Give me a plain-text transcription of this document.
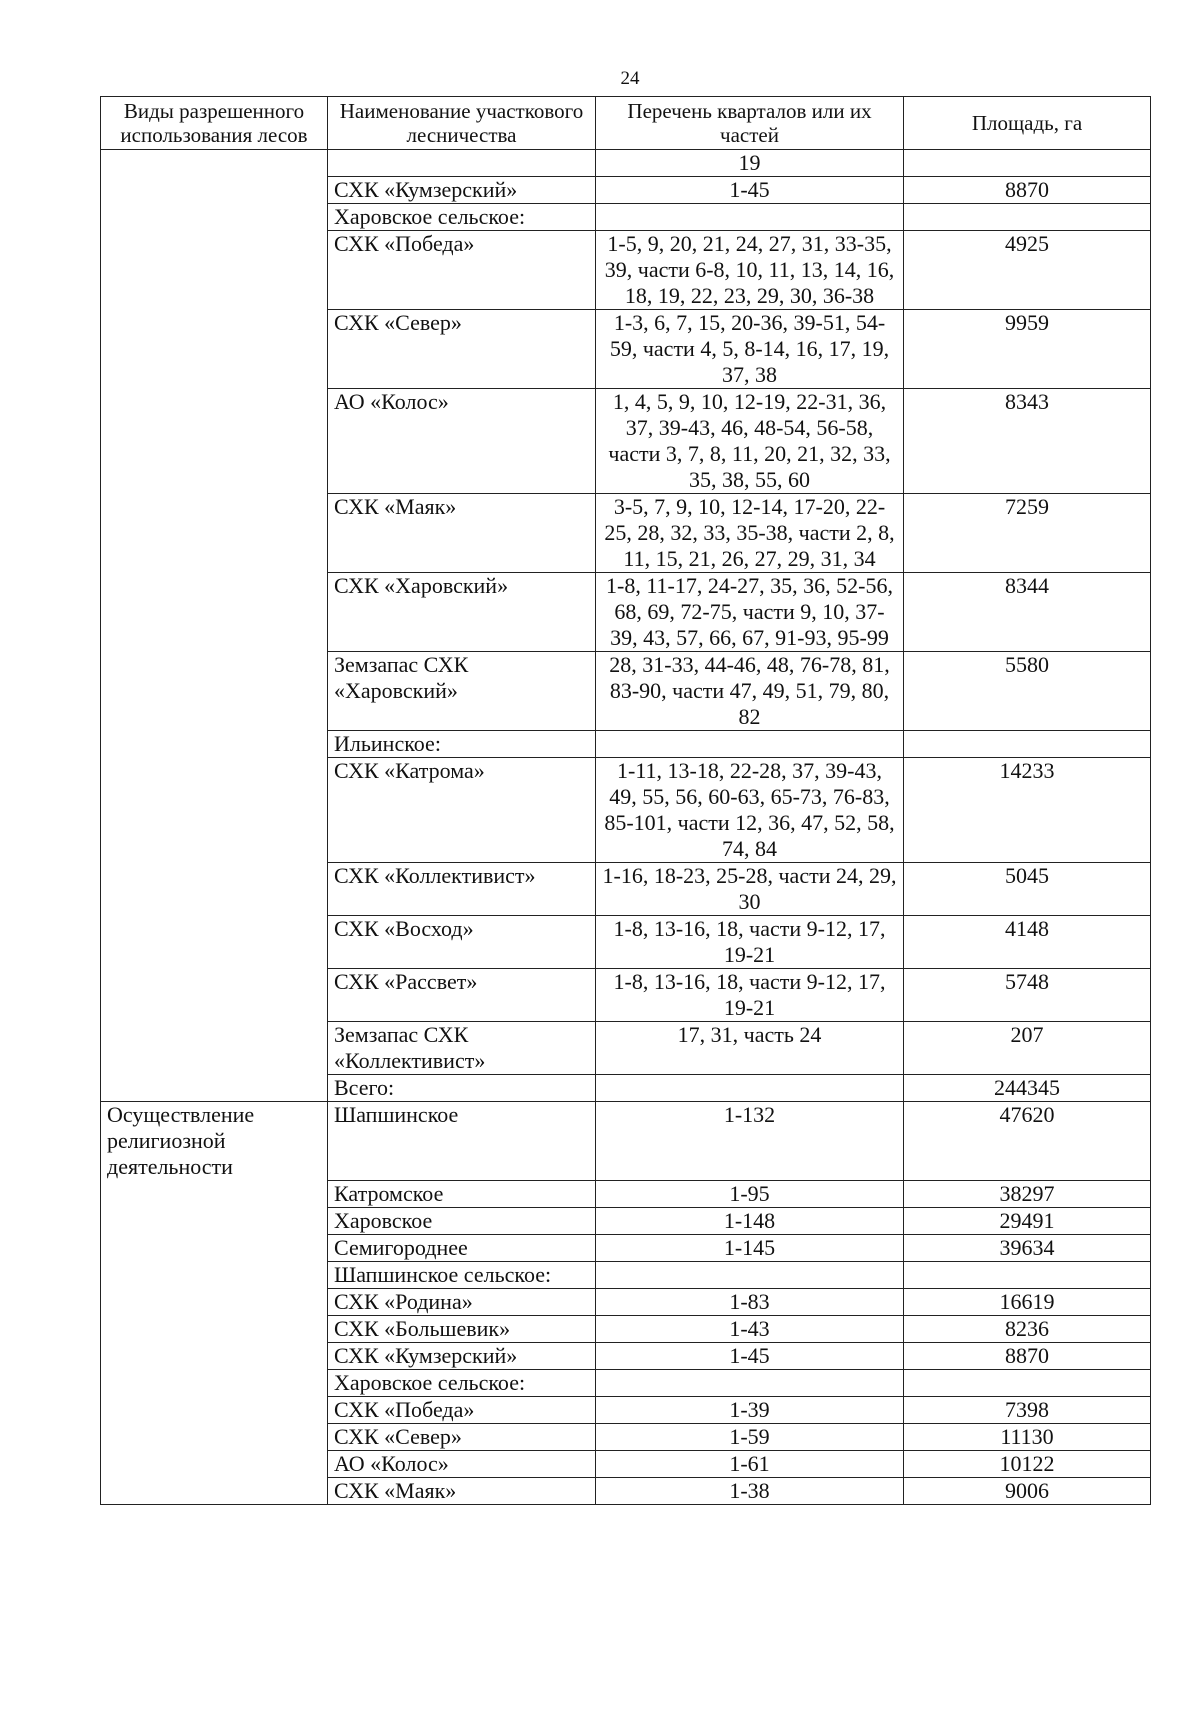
24
Виды разрешенного использования лесов	Наименование участкового лесничества	Перечень кварталов или их частей	Площадь, га
		19	
	СХК «Кумзерский»	1-45	8870
	Харовское сельское:		
	СХК «Победа»	1-5, 9, 20, 21, 24, 27, 31, 33-35, 39, части 6-8, 10, 11, 13, 14, 16, 18, 19, 22, 23, 29, 30, 36-38	4925
	СХК «Север»	1-3, 6, 7, 15, 20-36, 39-51, 54-59, части 4, 5, 8-14, 16, 17, 19, 37, 38	9959
	АО «Колос»	1, 4, 5, 9, 10, 12-19, 22-31, 36, 37, 39-43, 46, 48-54, 56-58, части 3, 7, 8, 11, 20, 21, 32, 33, 35, 38, 55, 60	8343
	СХК «Маяк»	3-5, 7, 9, 10, 12-14, 17-20, 22-25, 28, 32, 33, 35-38, части 2, 8, 11, 15, 21, 26, 27, 29, 31, 34	7259
	СХК «Харовский»	1-8, 11-17, 24-27, 35, 36, 52-56, 68, 69, 72-75, части 9, 10, 37-39, 43, 57, 66, 67, 91-93, 95-99	8344
	Земзапас СХК «Харовский»	28, 31-33, 44-46, 48, 76-78, 81, 83-90, части 47, 49, 51, 79, 80, 82	5580
	Ильинское:		
	СХК «Катрома»	1-11, 13-18, 22-28, 37, 39-43, 49, 55, 56, 60-63, 65-73, 76-83, 85-101, части 12, 36, 47, 52, 58, 74, 84	14233
	СХК «Коллективист»	1-16, 18-23, 25-28, части 24, 29, 30	5045
	СХК «Восход»	1-8, 13-16, 18, части 9-12, 17, 19-21	4148
	СХК «Рассвет»	1-8, 13-16, 18, части 9-12, 17, 19-21	5748
	Земзапас СХК «Коллективист»	17, 31, часть 24	207
	Всего:		244345
Осуществление религиозной деятельности	Шапшинское	1-132	47620
	Катромское	1-95	38297
	Харовское	1-148	29491
	Семигороднее	1-145	39634
	Шапшинское сельское:		
	СХК «Родина»	1-83	16619
	СХК «Большевик»	1-43	8236
	СХК «Кумзерский»	1-45	8870
	Харовское сельское:		
	СХК «Победа»	1-39	7398
	СХК «Север»	1-59	11130
	АО «Колос»	1-61	10122
	СХК «Маяк»	1-38	9006
